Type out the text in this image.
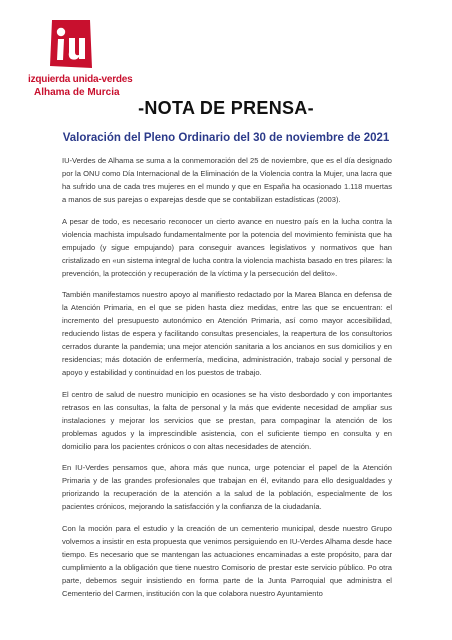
izquierda unida-verdes
Alhama de Murcia
-NOTA DE PRENSA-
Valoración del Pleno Ordinario del 30 de noviembre de 2021

IU-Verdes de Alhama se suma a la conmemoración del 25 de noviembre, que es el día designado por la ONU como Día Internacional de la Eliminación de la Violencia contra la Mujer, una lacra que ha sufrido una de cada tres mujeres en el mundo y que en España ha ocasionado 1.118 muertas a manos de sus parejas o exparejas desde que se contabilizan estadísticas (2003).

A pesar de todo, es necesario reconocer un cierto avance en nuestro país en la lucha contra la violencia machista impulsado fundamentalmente por la potencia del movimiento feminista que ha empujado (y sigue empujando) para conseguir avances legislativos y normativos que han cristalizado en «un sistema integral de lucha contra la violencia machista basado en tres pilares: la prevención, la protección y recuperación de la víctima y la persecución del delito».

También manifestamos nuestro apoyo al manifiesto redactado por la Marea Blanca en defensa de la Atención Primaria, en el que se piden hasta diez medidas, entre las que se encuentran: el incremento del presupuesto autonómico en Atención Primaria, así como mayor accesibilidad, reduciendo listas de espera y facilitando consultas presenciales, la reapertura de los consultorios cerrados durante la pandemia; una mejor atención sanitaria a los ancianos en sus domicilios y en residencias; más dotación de enfermería, medicina, administración, trabajo social y personal de apoyo y estabilidad y continuidad en los puestos de trabajo.

El centro de salud de nuestro municipio en ocasiones se ha visto desbordado y con importantes retrasos en las consultas, la falta de personal y la más que evidente necesidad de ampliar sus instalaciones y mejorar los servicios que se prestan, para compaginar la atención de los problemas agudos y la imprescindible asistencia, con el suficiente tiempo en consulta y en domicilio para los pacientes crónicos o con altas necesidades de atención.

En IU-Verdes pensamos que, ahora más que nunca, urge potenciar el papel de la Atención Primaria y de las grandes profesionales que trabajan en él, evitando para ello desigualdades y priorizando la recuperación de la atención a la salud de la población, especialmente de los pacientes crónicos, mejorando la satisfacción y la confianza de la ciudadanía.

Con la moción para el estudio y la creación de un cementerio municipal, desde nuestro Grupo volvemos a insistir en esta propuesta que venimos persiguiendo en IU-Verdes Alhama desde hace tiempo. Es necesario que se mantengan las actuaciones encaminadas a este propósito, para dar cumplimiento a la obligación que tiene nuestro Comisorio de prestar este servicio público. Po otra parte, debemos seguir insistiendo en forma parte de la Junta Parroquial que administra el Cementerio del Carmen, institución con la que colabora nuestro Ayuntamiento
